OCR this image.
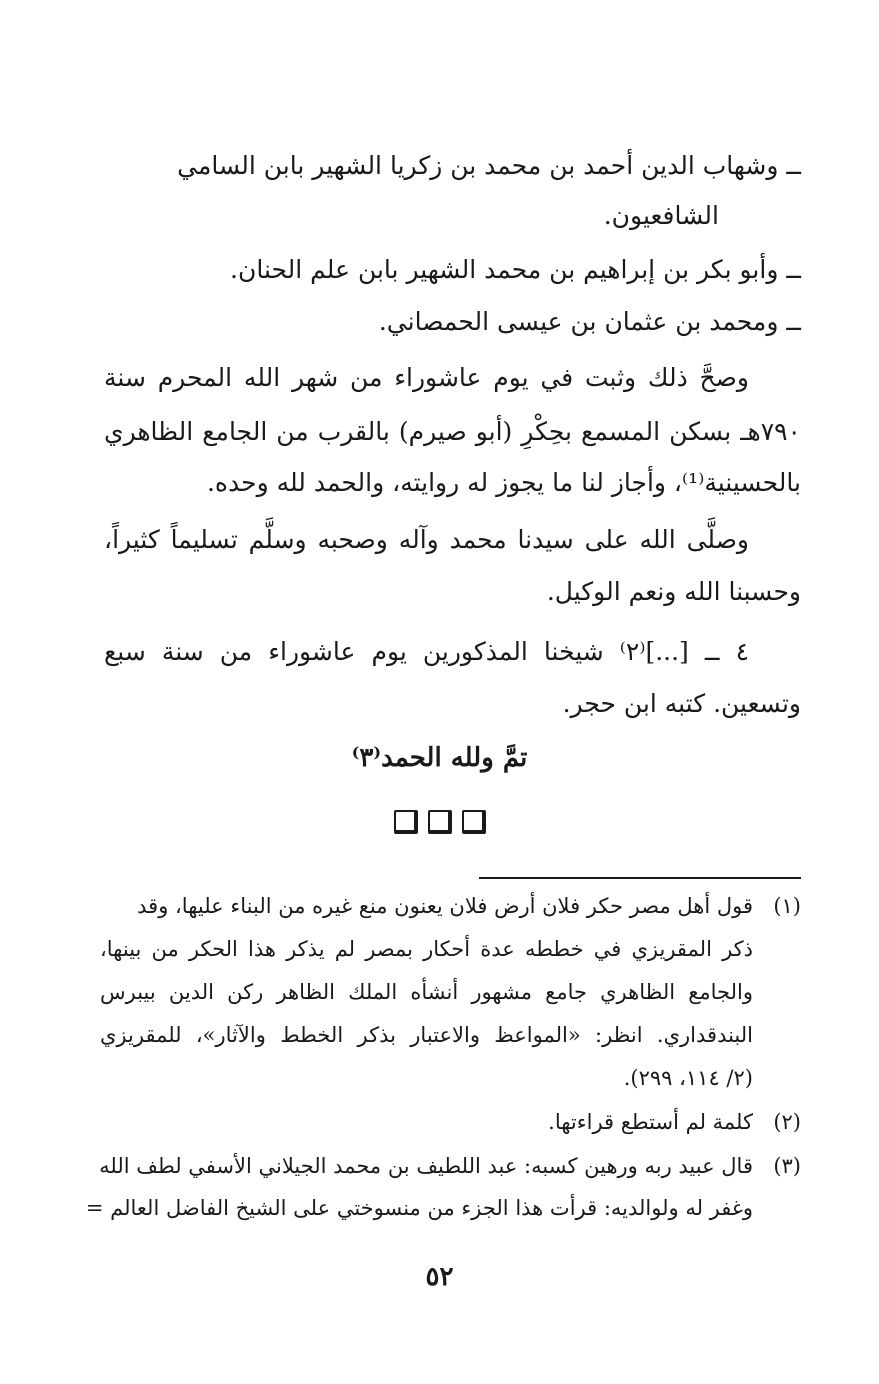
ــ وشهاب الدين أحمد بن محمد بن زكريا الشهير بابن السامي
الشافعيون.
ــ وأبو بكر بن إبراهيم بن محمد الشهير بابن علم الحنان.
ــ ومحمد بن عثمان بن عيسى الحمصاني.
وصحَّ ذلك وثبت في يوم عاشوراء من شهر الله المحرم سنة
٧٩٠هـ بسكن المسمع بحِكْرِ (أبو صيرم) بالقرب من الجامع الظاهري
بالحسينية⁽¹⁾، وأجاز لنا ما يجوز له روايته، والحمد لله وحده.
وصلَّى الله على سيدنا محمد وآله وصحبه وسلَّم تسليماً كثيراً،
وحسبنا الله ونعم الوكيل.
٤ ــ [...]⁽٢⁾ شيخنا المذكورين يوم عاشوراء من سنة سبع
وتسعين. كتبه ابن حجر.
تمَّ ولله الحمد⁽٣⁾
(١)قول أهل مصر حكر فلان أرض فلان يعنون منع غيره من البناء عليها، وقد
ذكر المقريزي في خططه عدة أحكار بمصر لم يذكر هذا الحكر من بينها،
والجامع الظاهري جامع مشهور أنشأه الملك الظاهر ركن الدين بيبرس
البندقداري. انظر: «المواعظ والاعتبار بذكر الخطط والآثار»، للمقريزي
(٢/ ١١٤، ٢٩٩).
(٢)كلمة لم أستطع قراءتها.
(٣)قال عبيد ربه ورهين كسبه: عبد اللطيف بن محمد الجيلاني الأسفي لطف الله
وغفر له ولوالديه: قرأت هذا الجزء من منسوختي على الشيخ الفاضل العالم =
٥٢
